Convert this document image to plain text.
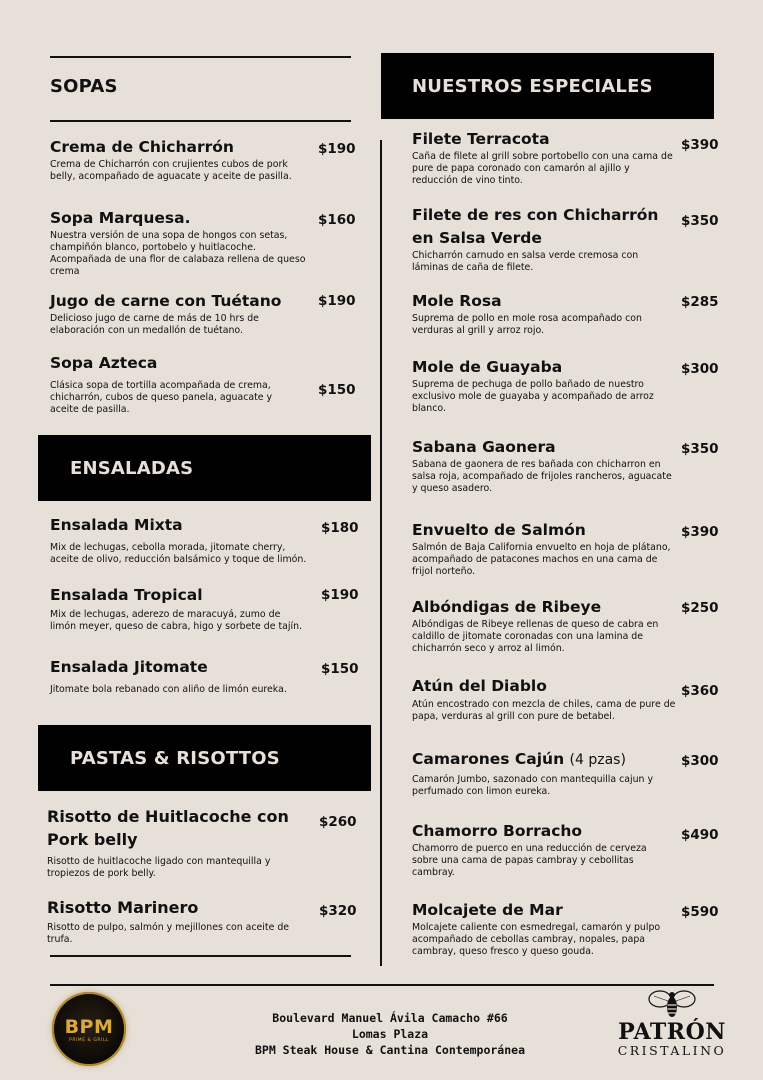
SOPAS
Crema de Chicharrón
Crema de Chicharrón con crujientes cubos de pork belly, acompañado de aguacate y aceite de pasilla.
$190
Sopa Marquesa.
Nuestra versión de una sopa de hongos con setas, champiñón blanco, portobelo y huitlacoche. Acompañada de una flor de calabaza rellena de queso crema
$160
Jugo de carne con Tuétano
Delicioso jugo de carne de más de 10 hrs de elaboración con un medallón de tuétano.
$190
Sopa Azteca
Clásica sopa de tortilla acompañada de crema, chicharrón, cubos de queso panela, aguacate y aceite de pasilla.
$150
ENSALADAS
Ensalada Mixta
Mix de lechugas, cebolla morada, jitomate cherry, aceite de olivo, reducción balsámico y toque de limón.
$180
Ensalada Tropical
Mix de lechugas, aderezo de maracuyá, zumo de limón meyer, queso de cabra, higo y sorbete de tajín.
$190
Ensalada Jitomate
Jitomate bola rebanado con aliño de limón eureka.
$150
PASTAS & RISOTTOS
Risotto de Huitlacoche con Pork belly
Risotto de huitlacoche ligado con mantequilla y tropiezos de pork belly.
$260
Risotto Marinero
Risotto de pulpo, salmón y mejillones con aceite de trufa.
$320
NUESTROS ESPECIALES
Filete Terracota
Caña de filete al grill sobre portobello con una cama de pure de papa coronado con camarón al ajillo y reducción de vino tinto.
$390
Filete de res con Chicharrón en Salsa Verde
Chicharrón carnudo en salsa verde cremosa con láminas de caña de filete.
$350
Mole Rosa
Suprema de pollo en mole rosa acompañado con verduras al grill y arroz rojo.
$285
Mole de Guayaba
Suprema de pechuga de pollo bañado de nuestro exclusivo mole de guayaba y acompañado de arroz blanco.
$300
Sabana Gaonera
Sabana de gaonera de res bañada con chicharron en salsa roja, acompañado de frijoles rancheros, aguacate y queso asadero.
$350
Envuelto de Salmón
Salmón de Baja California envuelto en hoja de plátano, acompañado de patacones machos en una cama de frijol norteño.
$390
Albóndigas de Ribeye
Albóndigas de Ribeye rellenas de queso de cabra en caldillo de jitomate coronadas con una lamina de chicharrón seco y arroz al limón.
$250
Atún del Diablo
Atún encostrado con mezcla de chiles, cama de pure de papa, verduras al grill con pure de betabel.
$360
Camarones Cajún (4 pzas)
Camarón Jumbo, sazonado con mantequilla cajun y perfumado con limon eureka.
$300
Chamorro Borracho
Chamorro de puerco en una reducción de cerveza sobre una cama de papas cambray y cebollitas cambray.
$490
Molcajete de Mar
Molcajete caliente con esmedregal, camarón y pulpo acompañado de cebollas cambray, nopales, papa cambray, queso fresco y queso gouda.
$590
BPM
PRIME & GRILL
Boulevard Manuel Ávila Camacho #66
Lomas Plaza
BPM Steak House & Cantina Contemporánea
PATRÓN
CRISTALINO
